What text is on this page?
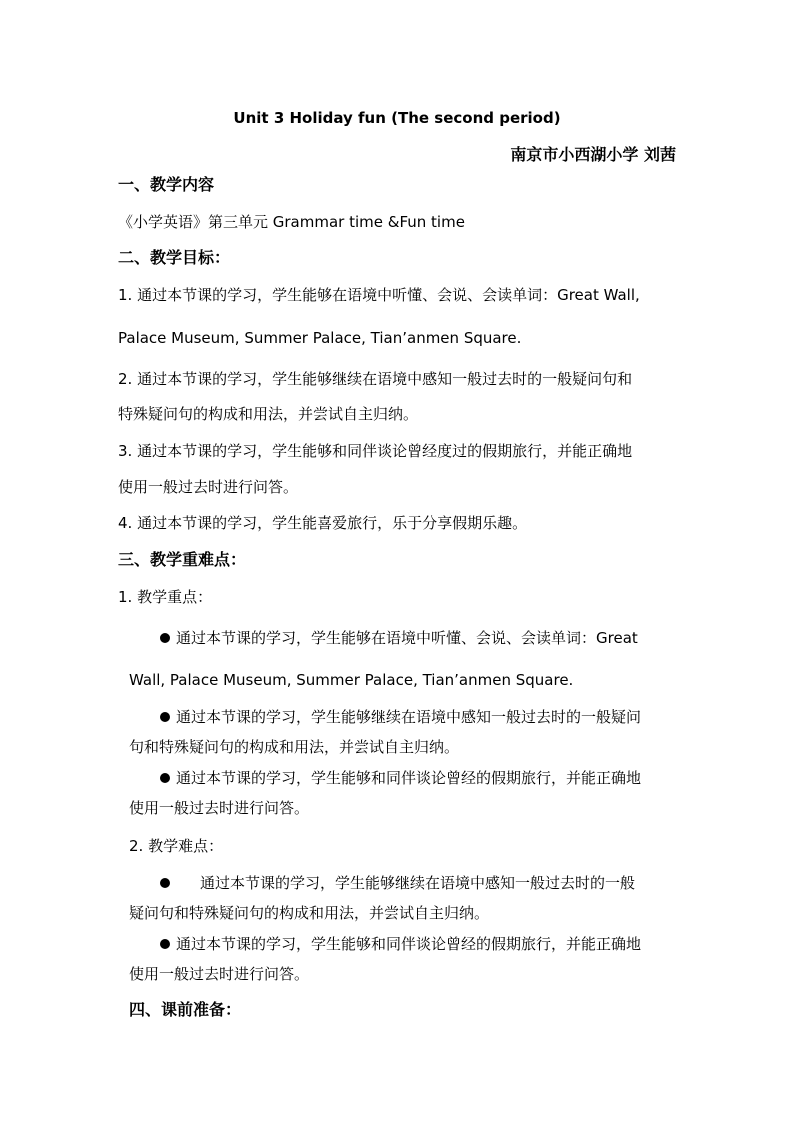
Unit 3 Holiday fun (The second period)
南京市小西湖小学 刘茜
一、教学内容
《小学英语》第三单元 Grammar time &Fun time
二、教学目标：
1. 通过本节课的学习，学生能够在语境中听懂、会说、会读单词：Great Wall,
Palace Museum, Summer Palace, Tian’anmen Square.
2. 通过本节课的学习，学生能够继续在语境中感知一般过去时的一般疑问句和
特殊疑问句的构成和用法，并尝试自主归纳。
3. 通过本节课的学习，学生能够和同伴谈论曾经度过的假期旅行，并能正确地
使用一般过去时进行问答。
4. 通过本节课的学习，学生能喜爱旅行，乐于分享假期乐趣。
三、教学重难点：
1. 教学重点：
通过本节课的学习，学生能够在语境中听懂、会说、会读单词：Great
Wall, Palace Museum, Summer Palace, Tian’anmen Square.
通过本节课的学习，学生能够继续在语境中感知一般过去时的一般疑问
句和特殊疑问句的构成和用法，并尝试自主归纳。
通过本节课的学习，学生能够和同伴谈论曾经的假期旅行，并能正确地
使用一般过去时进行问答。
2. 教学难点：
通过本节课的学习，学生能够继续在语境中感知一般过去时的一般
疑问句和特殊疑问句的构成和用法，并尝试自主归纳。
通过本节课的学习，学生能够和同伴谈论曾经的假期旅行，并能正确地
使用一般过去时进行问答。
四、课前准备：
